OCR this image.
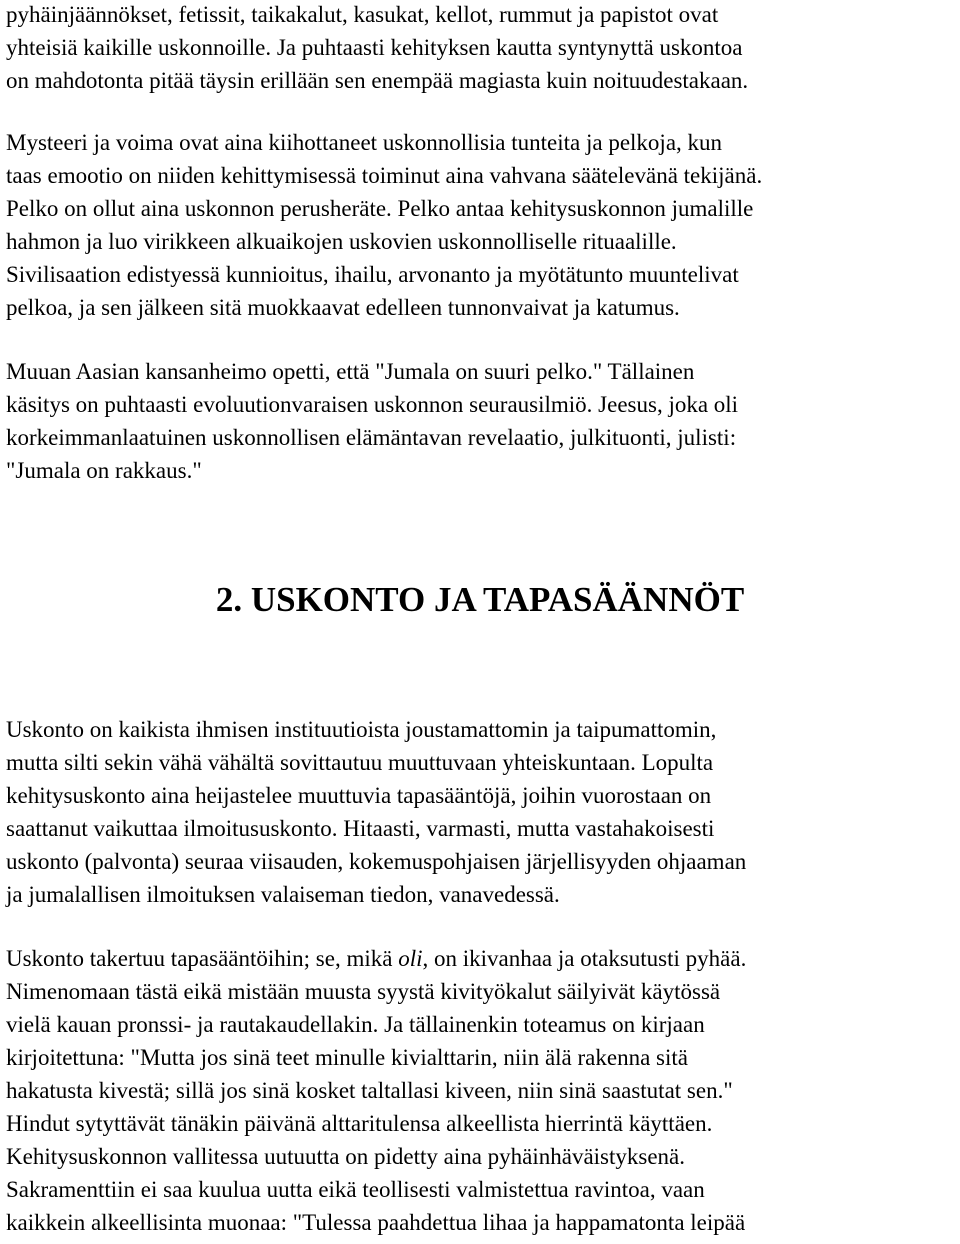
pyhäinjäännökset, fetissit, taikakalut, kasukat, kellot, rummut ja papistot ovat
yhteisiä kaikille uskonnoille. Ja puhtaasti kehityksen kautta syntynyttä uskontoa
on mahdotonta pitää täysin erillään sen enempää magiasta kuin noituudestakaan.
Mysteeri ja voima ovat aina kiihottaneet uskonnollisia tunteita ja pelkoja, kun
taas emootio on niiden kehittymisessä toiminut aina vahvana säätelevänä tekijänä.
Pelko on ollut aina uskonnon perusheräte. Pelko antaa kehitysuskonnon jumalille
hahmon ja luo virikkeen alkuaikojen uskovien uskonnolliselle rituaalille.
Sivilisaation edistyessä kunnioitus, ihailu, arvonanto ja myötätunto muuntelivat
pelkoa, ja sen jälkeen sitä muokkaavat edelleen tunnonvaivat ja katumus.
Muuan Aasian kansanheimo opetti, että "Jumala on suuri pelko." Tällainen
käsitys on puhtaasti evoluutionvaraisen uskonnon seurausilmiö. Jeesus, joka oli
korkeimmanlaatuinen uskonnollisen elämäntavan revelaatio, julkituonti, julisti:
"Jumala on rakkaus."
2. USKONTO JA TAPASÄÄNNÖT
Uskonto on kaikista ihmisen instituutioista joustamattomin ja taipumattomin,
mutta silti sekin vähä vähältä sovittautuu muuttuvaan yhteiskuntaan. Lopulta
kehitysuskonto aina heijastelee muuttuvia tapasääntöjä, joihin vuorostaan on
saattanut vaikuttaa ilmoitususkonto. Hitaasti, varmasti, mutta vastahakoisesti
uskonto (palvonta) seuraa viisauden, kokemuspohjaisen järjellisyyden ohjaaman
ja jumalallisen ilmoituksen valaiseman tiedon, vanavedessä.
Uskonto takertuu tapasääntöihin; se, mikä oli, on ikivanhaa ja otaksutusti pyhää.
Nimenomaan tästä eikä mistään muusta syystä kivityökalut säilyivät käytössä
vielä kauan pronssi- ja rautakaudellakin. Ja tällainenkin toteamus on kirjaan
kirjoitettuna: "Mutta jos sinä teet minulle kivialttarin, niin älä rakenna sitä
hakatusta kivestä; sillä jos sinä kosket taltallasi kiveen, niin sinä saastutat sen."
Hindut sytyttävät tänäkin päivänä alttaritulensa alkeellista hierrintä käyttäen.
Kehitysuskonnon vallitessa uutuutta on pidetty aina pyhäinhäväistyksenä.
Sakramenttiin ei saa kuulua uutta eikä teollisesti valmistettua ravintoa, vaan
kaikkein alkeellisinta muonaa: "Tulessa paahdettua lihaa ja happamatonta leipää
